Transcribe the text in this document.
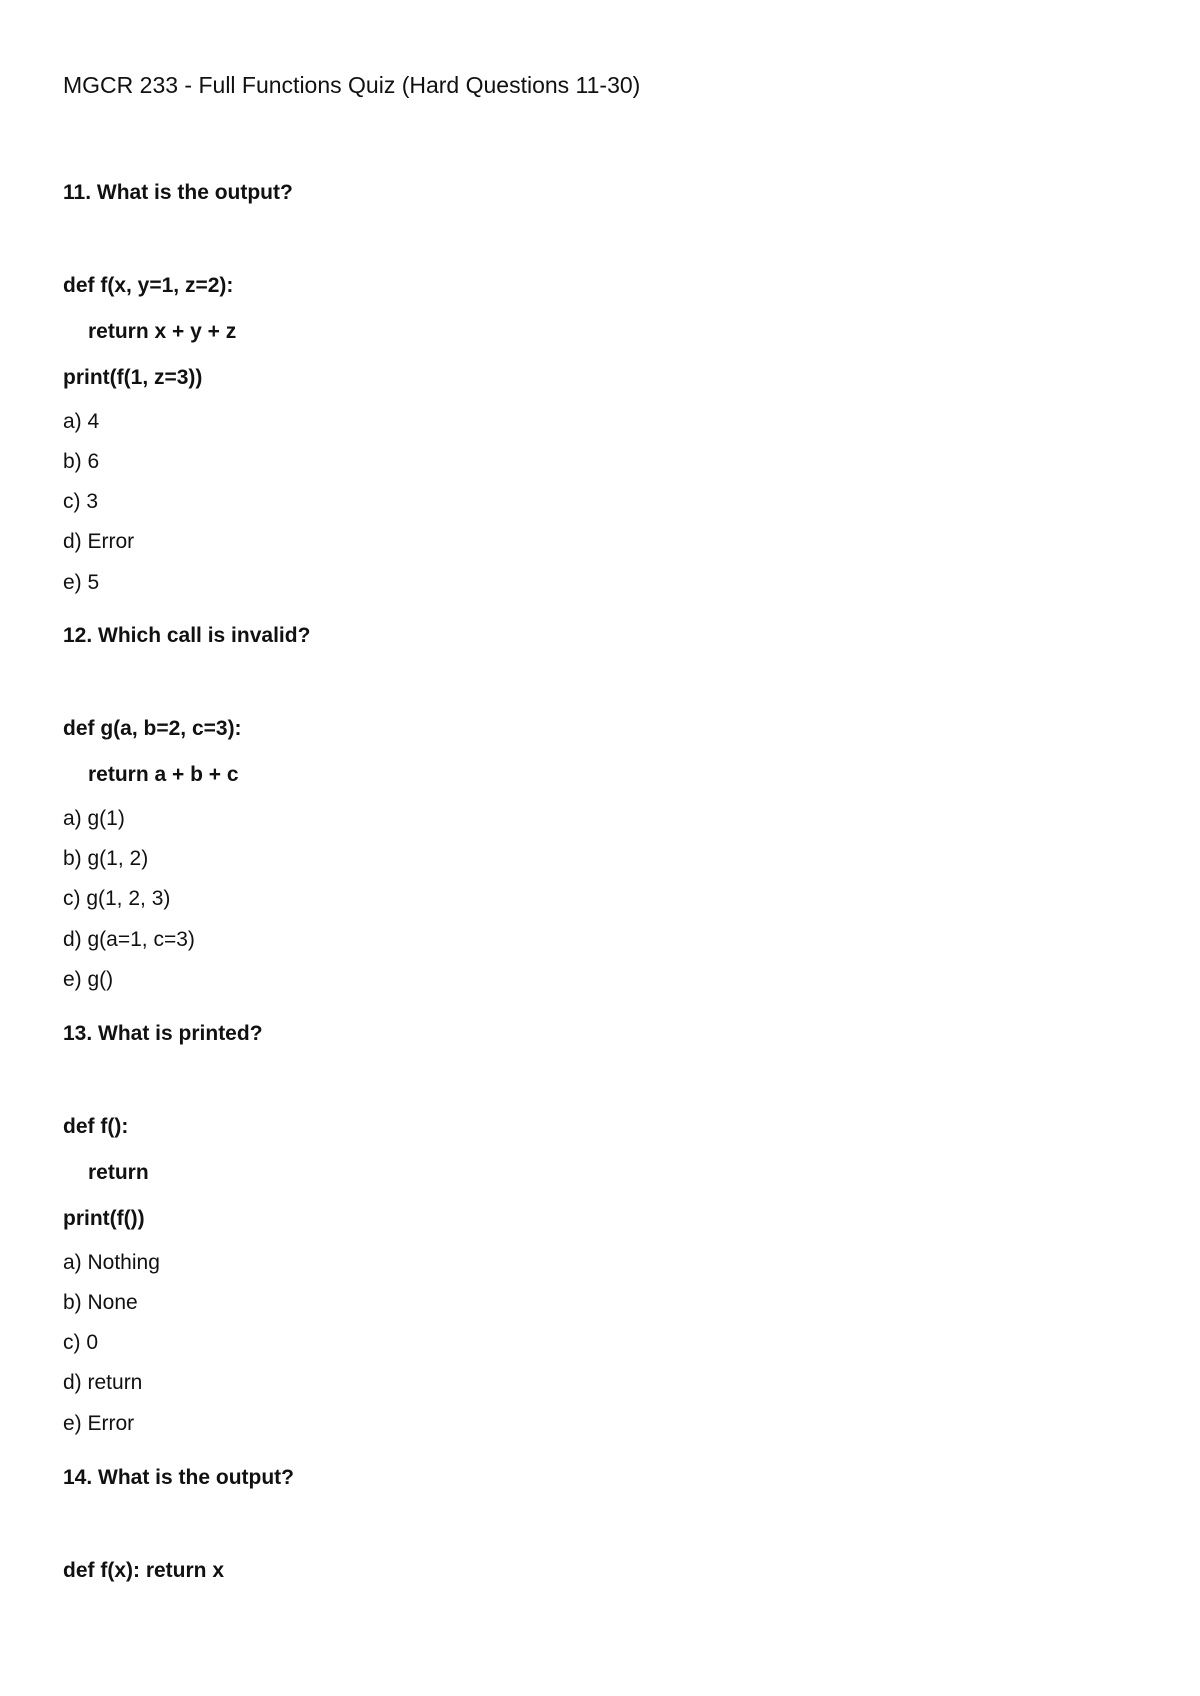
MGCR 233 - Full Functions Quiz (Hard Questions 11-30)
11. What is the output?
def f(x, y=1, z=2):
return x + y + z
print(f(1, z=3))
a) 4
b) 6
c) 3
d) Error
e) 5
12. Which call is invalid?
def g(a, b=2, c=3):
return a + b + c
a) g(1)
b) g(1, 2)
c) g(1, 2, 3)
d) g(a=1, c=3)
e) g()
13. What is printed?
def f():
return
print(f())
a) Nothing
b) None
c) 0
d) return
e) Error
14. What is the output?
def f(x): return x
